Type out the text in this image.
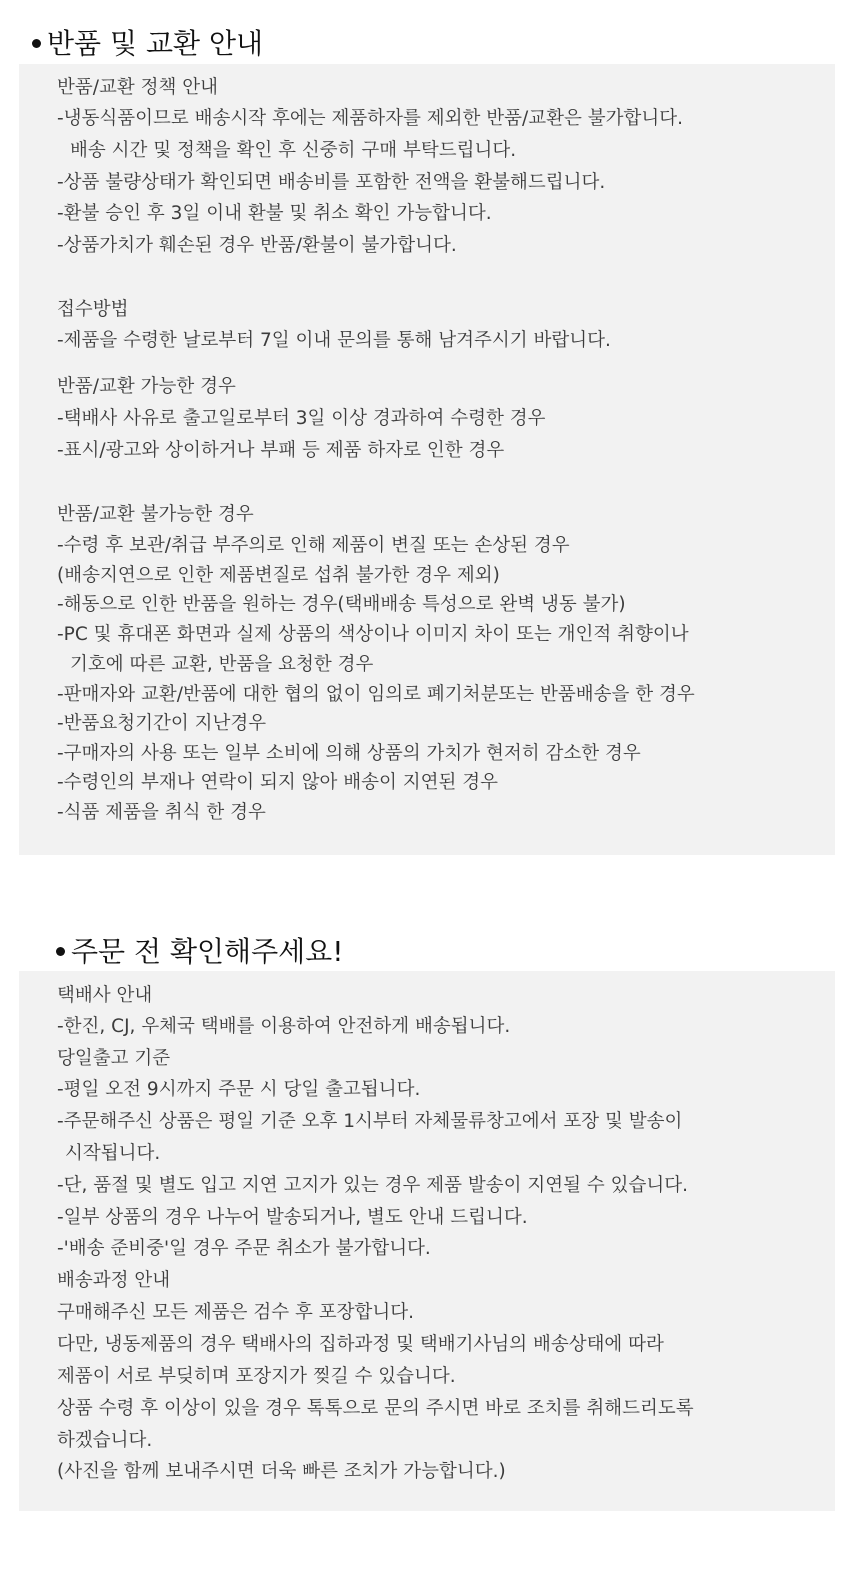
반품 및 교환 안내
반품/교환 정책 안내
-냉동식품이므로 배송시작 후에는 제품하자를 제외한 반품/교환은 불가합니다.
배송 시간 및 정책을 확인 후 신중히 구매 부탁드립니다.
-상품 불량상태가 확인되면 배송비를 포함한 전액을 환불해드립니다.
-환불 승인 후 3일 이내 환불 및 취소 확인 가능합니다.
-상품가치가 훼손된 경우 반품/환불이 불가합니다.
접수방법
-제품을 수령한 날로부터 7일 이내 문의를 통해 남겨주시기 바랍니다.
반품/교환 가능한 경우
-택배사 사유로 출고일로부터 3일 이상 경과하여 수령한 경우
-표시/광고와 상이하거나 부패 등 제품 하자로 인한 경우
반품/교환 불가능한 경우
-수령 후 보관/취급 부주의로 인해 제품이 변질 또는 손상된 경우
(배송지연으로 인한 제품변질로 섭취 불가한 경우 제외)
-해동으로 인한 반품을 원하는 경우(택배배송 특성으로 완벽 냉동 불가)
-PC 및 휴대폰 화면과 실제 상품의 색상이나 이미지 차이 또는 개인적 취향이나
기호에 따른 교환, 반품을 요청한 경우
-판매자와 교환/반품에 대한 협의 없이 임의로 폐기처분또는 반품배송을 한 경우
-반품요청기간이 지난경우
-구매자의 사용 또는 일부 소비에 의해 상품의 가치가 현저히 감소한 경우
-수령인의 부재나 연락이 되지 않아 배송이 지연된 경우
-식품 제품을 취식 한 경우
주문 전 확인해주세요!
택배사 안내
-한진, CJ, 우체국 택배를 이용하여 안전하게 배송됩니다.
당일출고 기준
-평일 오전 9시까지 주문 시 당일 출고됩니다.
-주문해주신 상품은 평일 기준 오후 1시부터 자체물류창고에서 포장 및 발송이
시작됩니다.
-단, 품절 및 별도 입고 지연 고지가 있는 경우 제품 발송이 지연될 수 있습니다.
-일부 상품의 경우 나누어 발송되거나, 별도 안내 드립니다.
-'배송 준비중'일 경우 주문 취소가 불가합니다.
배송과정 안내
구매해주신 모든 제품은 검수 후 포장합니다.
다만, 냉동제품의 경우 택배사의 집하과정 및 택배기사님의 배송상태에 따라
제품이 서로 부딪히며 포장지가 찢길 수 있습니다.
상품 수령 후 이상이 있을 경우 톡톡으로 문의 주시면 바로 조치를 취해드리도록
하겠습니다.
(사진을 함께 보내주시면 더욱 빠른 조치가 가능합니다.)
